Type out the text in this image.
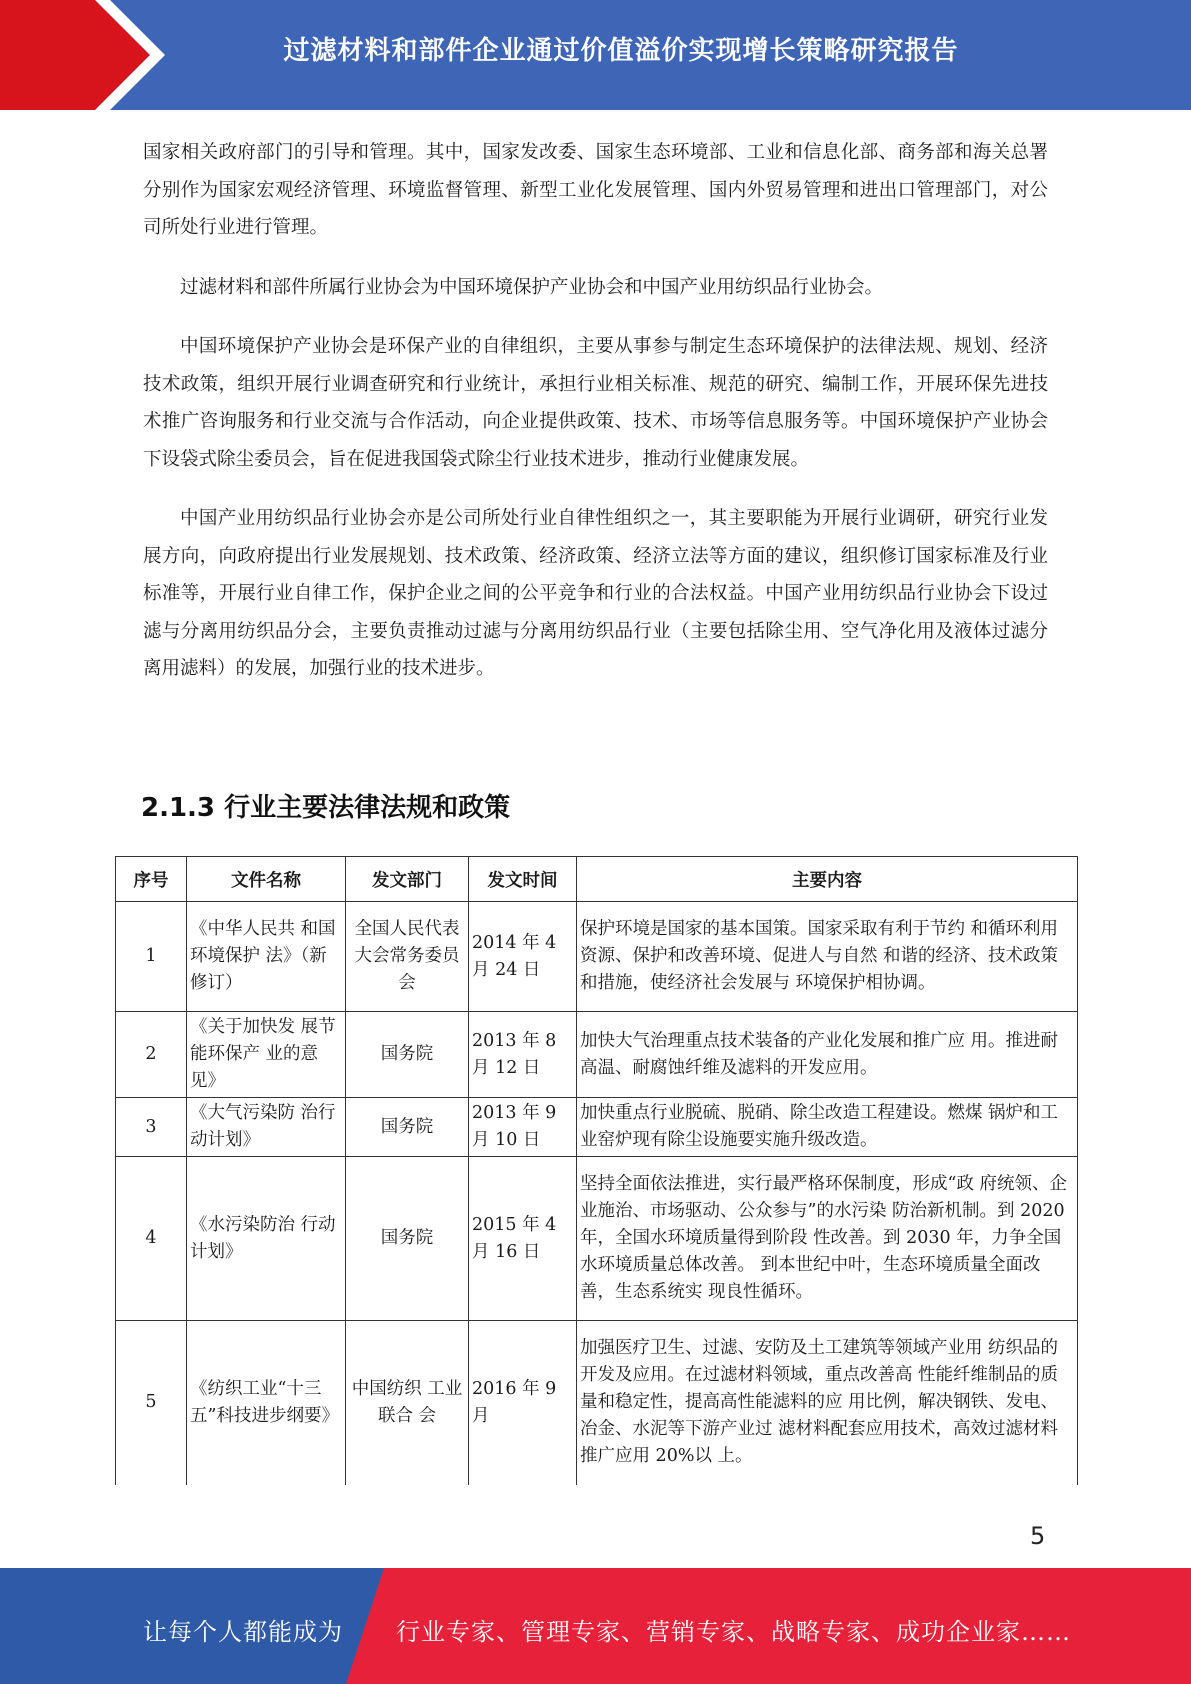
过滤材料和部件企业通过价值溢价实现增长策略研究报告

国家相关政府部门的引导和管理。其中，国家发改委、国家生态环境部、工业和信息化部、商务部和海关总署分别作为国家宏观经济管理、环境监督管理、新型工业化发展管理、国内外贸易管理和进出口管理部门，对公司所处行业进行管理。

过滤材料和部件所属行业协会为中国环境保护产业协会和中国产业用纺织品行业协会。

中国环境保护产业协会是环保产业的自律组织，主要从事参与制定生态环境保护的法律法规、规划、经济技术政策，组织开展行业调查研究和行业统计，承担行业相关标准、规范的研究、编制工作，开展环保先进技术推广咨询服务和行业交流与合作活动，向企业提供政策、技术、市场等信息服务等。中国环境保护产业协会下设袋式除尘委员会，旨在促进我国袋式除尘行业技术进步，推动行业健康发展。

中国产业用纺织品行业协会亦是公司所处行业自律性组织之一，其主要职能为开展行业调研，研究行业发展方向，向政府提出行业发展规划、技术政策、经济政策、经济立法等方面的建议，组织修订国家标准及行业标准等，开展行业自律工作，保护企业之间的公平竞争和行业的合法权益。中国产业用纺织品行业协会下设过滤与分离用纺织品分会，主要负责推动过滤与分离用纺织品行业（主要包括除尘用、空气净化用及液体过滤分离用滤料）的发展，加强行业的技术进步。

2.1.3 行业主要法律法规和政策
序号	文件名称	发文部门	发文时间	主要内容
1	《中华人民共 和国环境保护 法》（新修订）	全国人民代表大会常务委员会	2014 年 4 月 24 日	保护环境是国家的基本国策。国家采取有利于节约 和循环利用资源、保护和改善环境、促进人与自然 和谐的经济、技术政策和措施，使经济社会发展与 环境保护相协调。
2	《关于加快发 展节能环保产 业的意见》	国务院	2013 年 8 月 12 日	加快大气治理重点技术装备的产业化发展和推广应 用。推进耐高温、耐腐蚀纤维及滤料的开发应用。
3	《大气污染防 治行动计划》	国务院	2013 年 9 月 10 日	加快重点行业脱硫、脱硝、除尘改造工程建设。燃煤 锅炉和工业窑炉现有除尘设施要实施升级改造。
4	《水污染防治 行动计划》	国务院	2015 年 4 月 16 日	坚持全面依法推进，实行最严格环保制度，形成“政 府统领、企业施治、市场驱动、公众参与”的水污染 防治新机制。到 2020 年，全国水环境质量得到阶段 性改善。到 2030 年，力争全国水环境质量总体改善。 到本世纪中叶，生态环境质量全面改善，生态系统实 现良性循环。
5	《纺织工业“十三五”科技进步纲要》	中国纺织 工业联合 会	2016 年 9 月	加强医疗卫生、过滤、安防及土工建筑等领域产业用 纺织品的开发及应用。在过滤材料领域，重点改善高 性能纤维制品的质量和稳定性，提高高性能滤料的应 用比例，解决钢铁、发电、冶金、水泥等下游产业过 滤材料配套应用技术，高效过滤材料推广应用 20%以 上。
5
让每个人都能成为 行业专家、管理专家、营销专家、战略专家、成功企业家……
